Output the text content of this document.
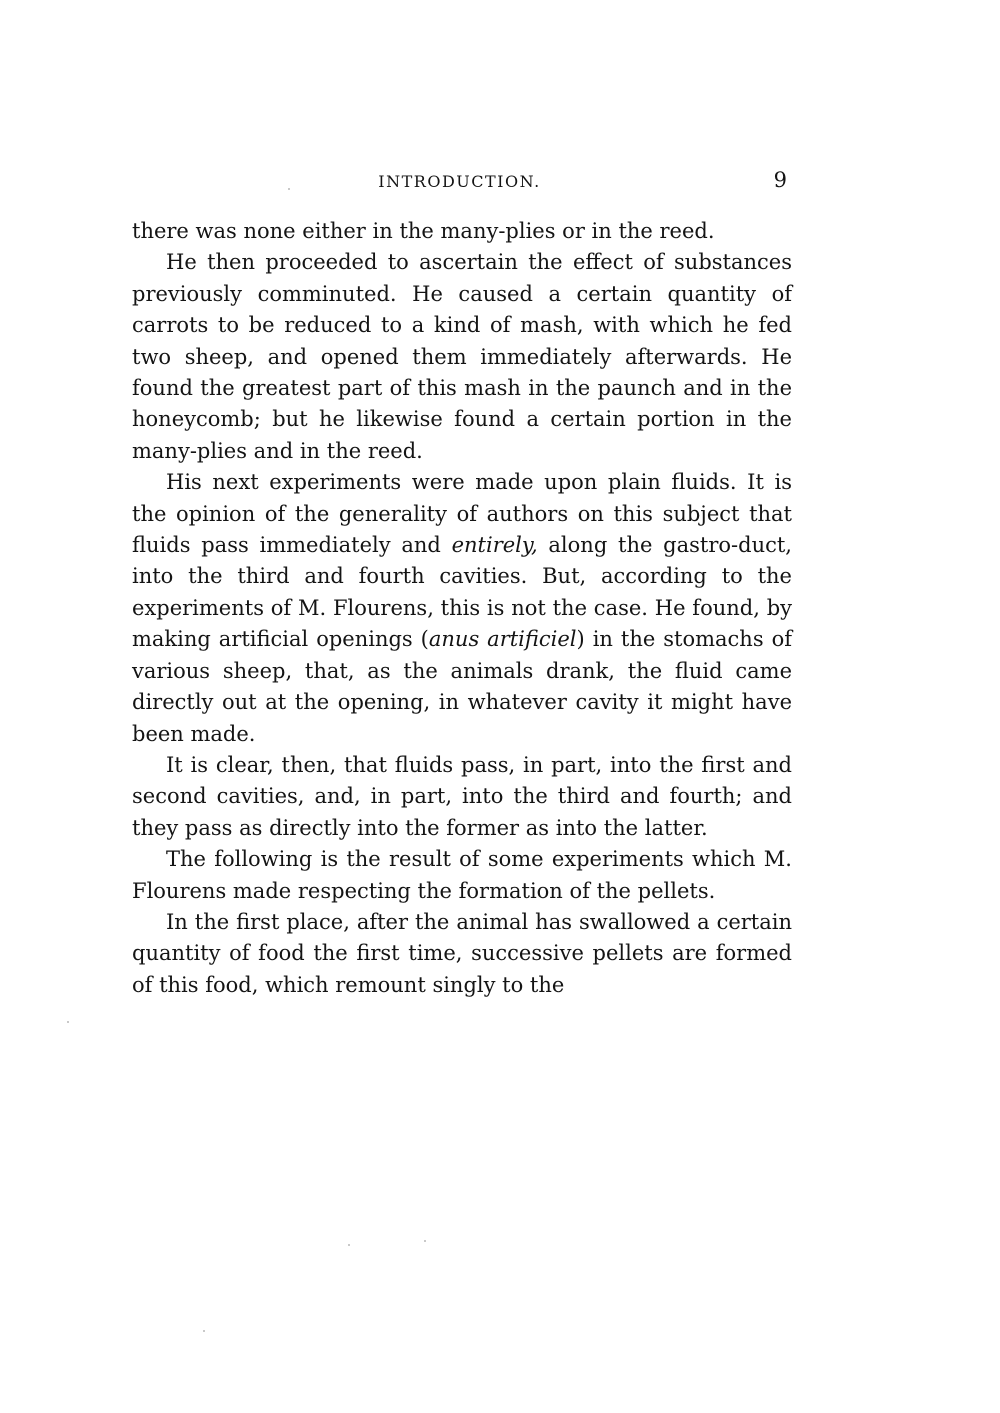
INTRODUCTION.	9

there was none either in the many-plies or in the reed.

He then proceeded to ascertain the effect of substances previously comminuted. He caused a certain quantity of carrots to be reduced to a kind of mash, with which he fed two sheep, and opened them immediately afterwards. He found the greatest part of this mash in the paunch and in the honeycomb; but he likewise found a certain portion in the many-plies and in the reed.

His next experiments were made upon plain fluids. It is the opinion of the generality of authors on this subject that fluids pass immediately and entirely, along the gastro-duct, into the third and fourth cavities. But, according to the experiments of M. Flourens, this is not the case. He found, by making artificial openings (anus artificiel) in the stomachs of various sheep, that, as the animals drank, the fluid came directly out at the opening, in whatever cavity it might have been made.

It is clear, then, that fluids pass, in part, into the first and second cavities, and, in part, into the third and fourth; and they pass as directly into the former as into the latter.

The following is the result of some experiments which M. Flourens made respecting the formation of the pellets.

In the first place, after the animal has swallowed a certain quantity of food the first time, successive pellets are formed of this food, which remount singly to the
